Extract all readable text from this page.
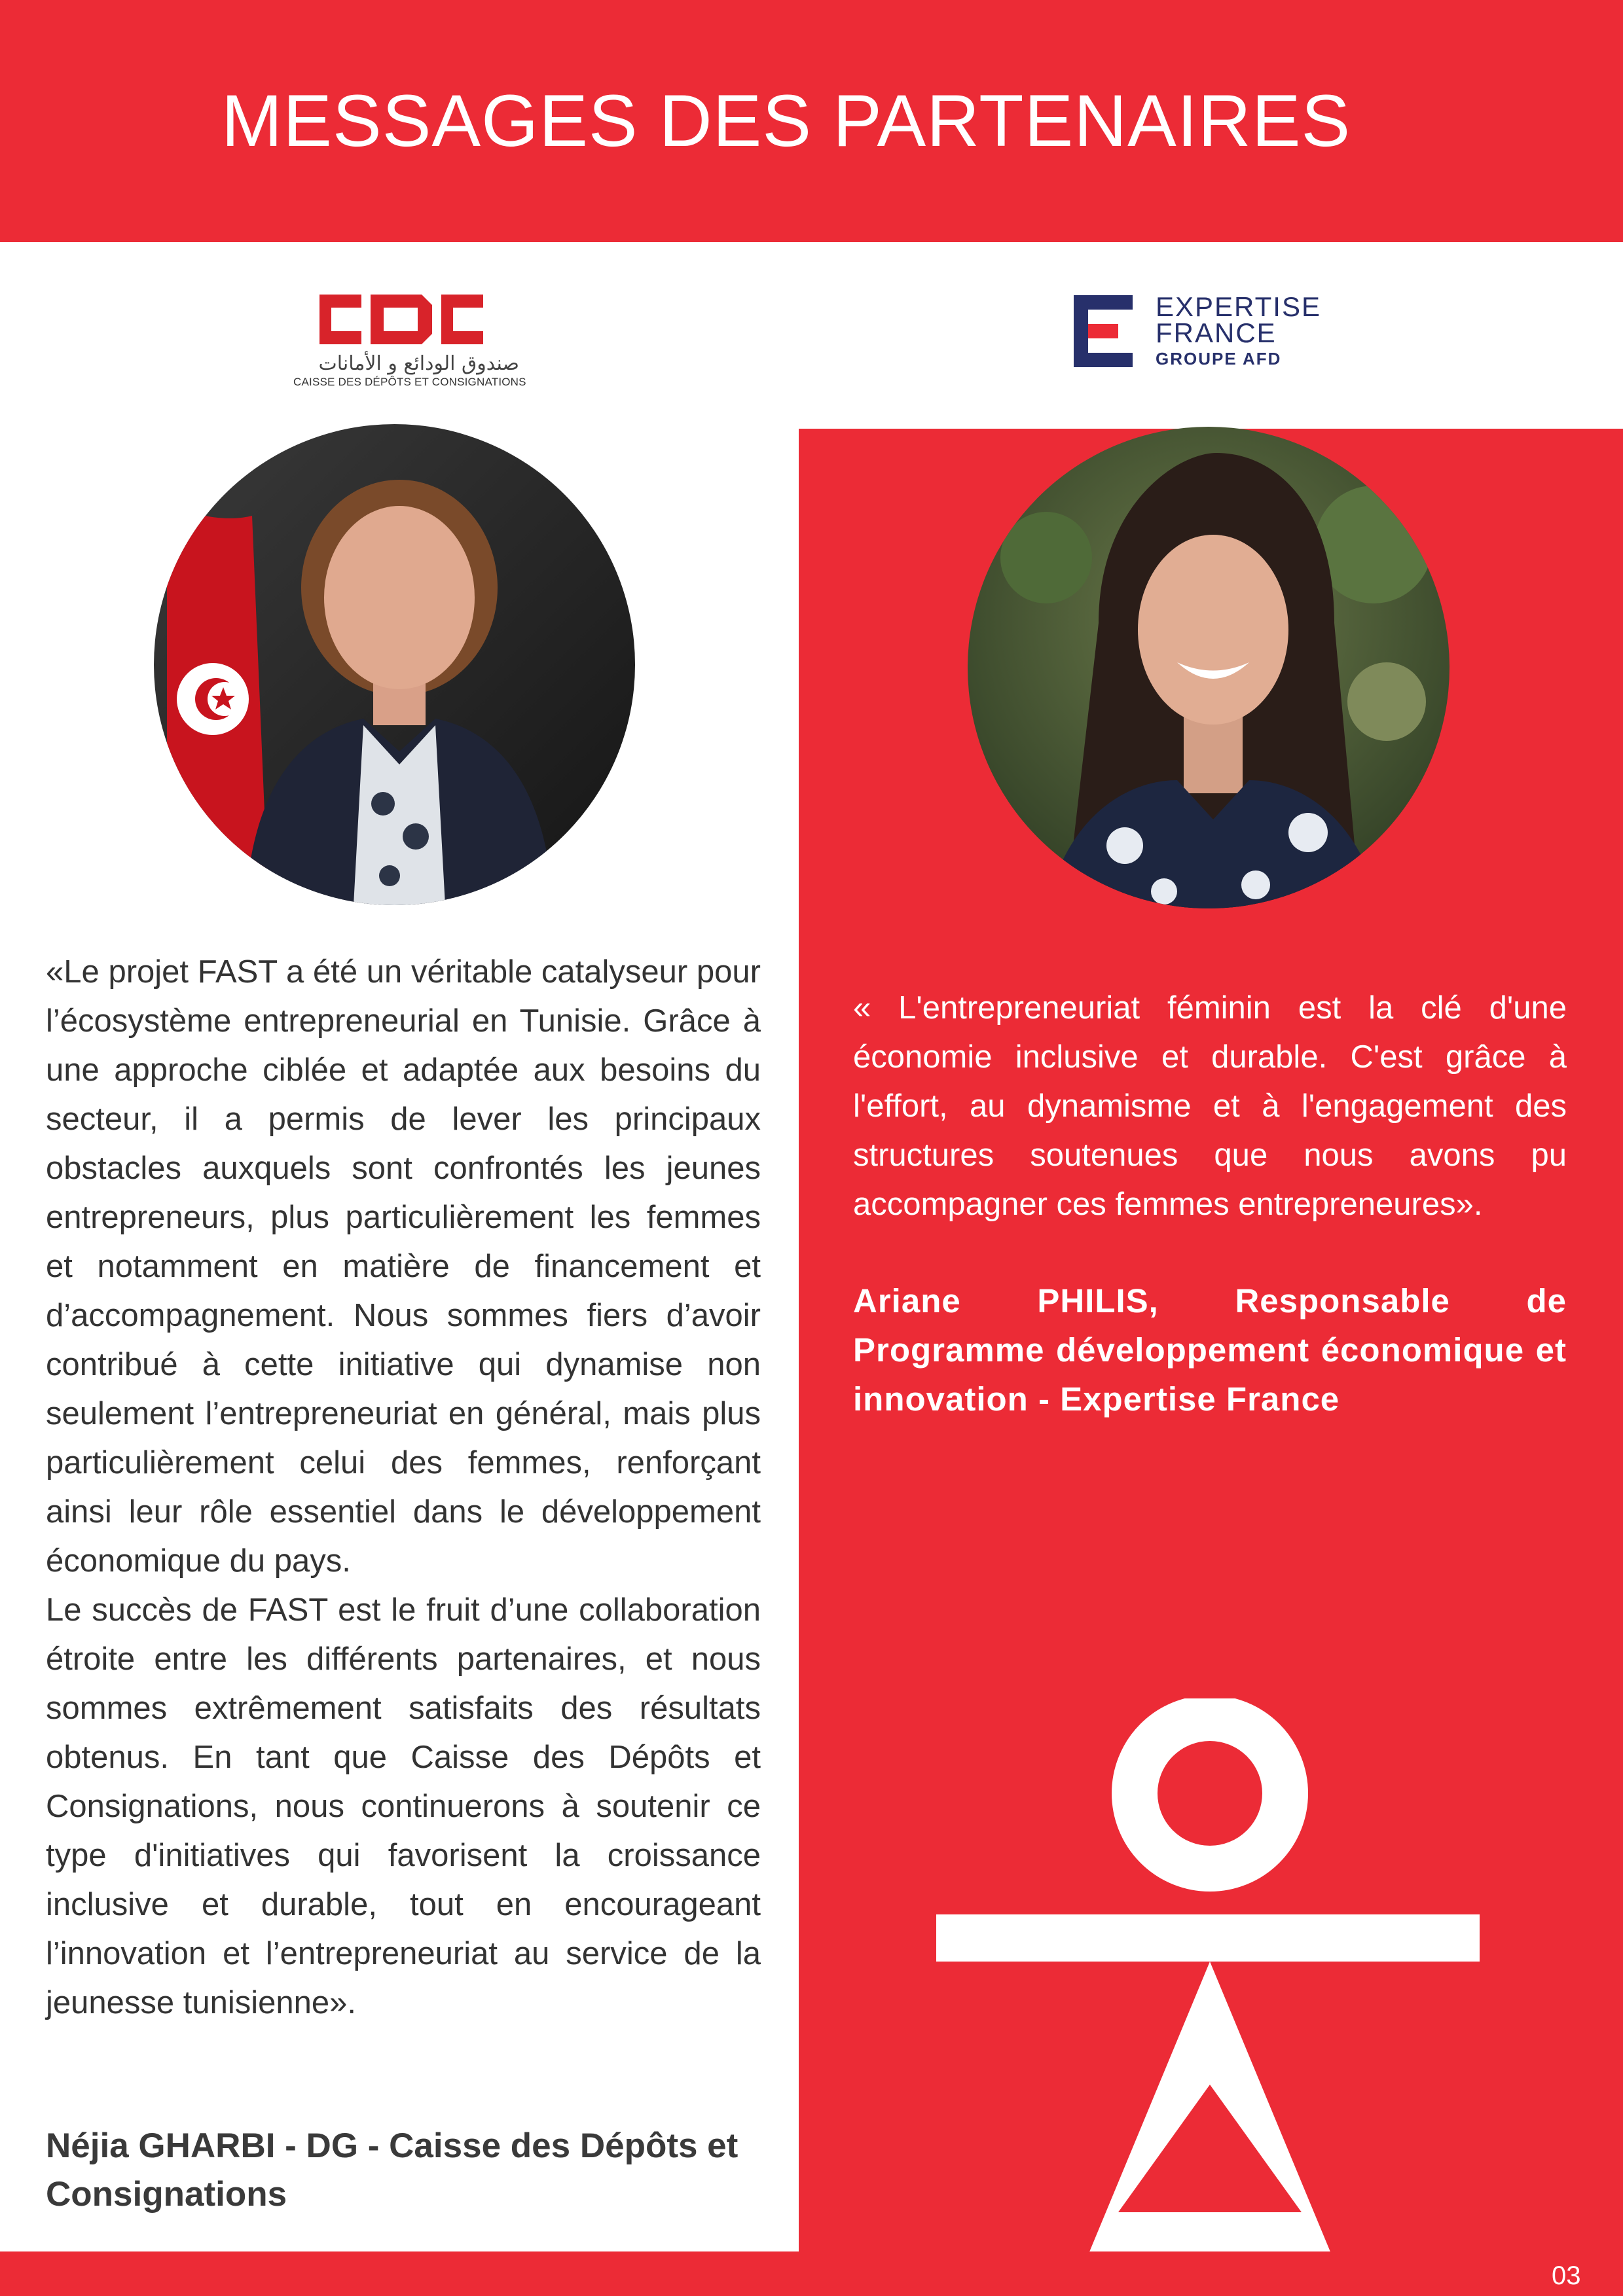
MESSAGES DES PARTENAIRES
صندوق الودائع و الأمانات
CAISSE DES DÉPÔTS ET CONSIGNATIONS
EXPERTISE
FRANCE
GROUPE AFD

«Le projet FAST a été un véritable catalyseur pour l’écosystème entrepreneurial en Tunisie. Grâce à une approche ciblée et adaptée aux besoins du secteur, il a permis de lever les principaux obstacles auxquels sont confrontés les jeunes entrepreneurs, plus particulièrement les femmes et notamment en matière de financement et d’accompagnement. Nous sommes fiers d’avoir contribué à cette initiative qui dynamise non seulement l’entrepreneuriat en général, mais plus particulièrement celui des femmes, renforçant ainsi leur rôle essentiel dans le développement économique du pays.

Le succès de FAST est le fruit d’une collaboration étroite entre les différents partenaires, et nous sommes extrêmement satisfaits des résultats obtenus. En tant que Caisse des Dépôts et Consignations, nous continuerons à soutenir ce type d'initiatives qui favorisent la croissance inclusive et durable, tout en encourageant l’innovation et l’entrepreneuriat au service de la jeunesse tunisienne».

Néjia GHARBI - DG - Caisse des Dépôts et Consignations
« L'entrepreneuriat féminin est la clé d'une économie inclusive et durable. C'est grâce à l'effort, au dynamisme et à l'engagement des structures soutenues que nous avons pu accompagner ces femmes entrepreneures».
Ariane PHILIS, Responsable de Programme développement économique et innovation - Expertise France
03
